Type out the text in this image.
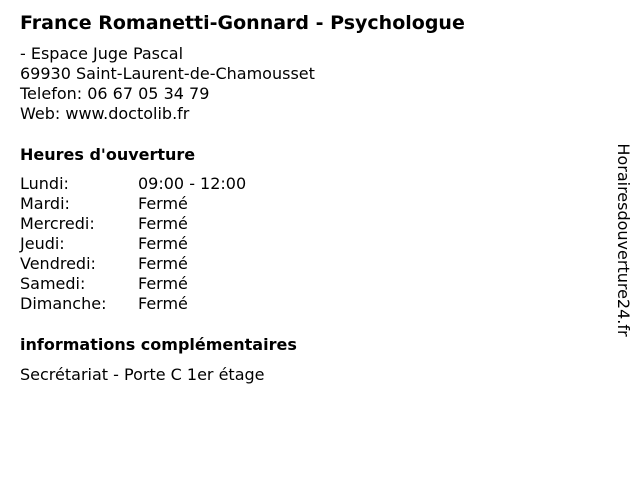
France Romanetti-Gonnard - Psychologue
- Espace Juge Pascal
69930 Saint-Laurent-de-Chamousset
Telefon: 06 67 05 34 79
Web: www.doctolib.fr
Heures d'ouverture
Lundi:	09:00 - 12:00
Mardi:	Fermé
Mercredi:	Fermé
Jeudi:	Fermé
Vendredi:	Fermé
Samedi:	Fermé
Dimanche:	Fermé
informations complémentaires
Secrétariat - Porte C 1er étage
Horairesdouverture24.fr
